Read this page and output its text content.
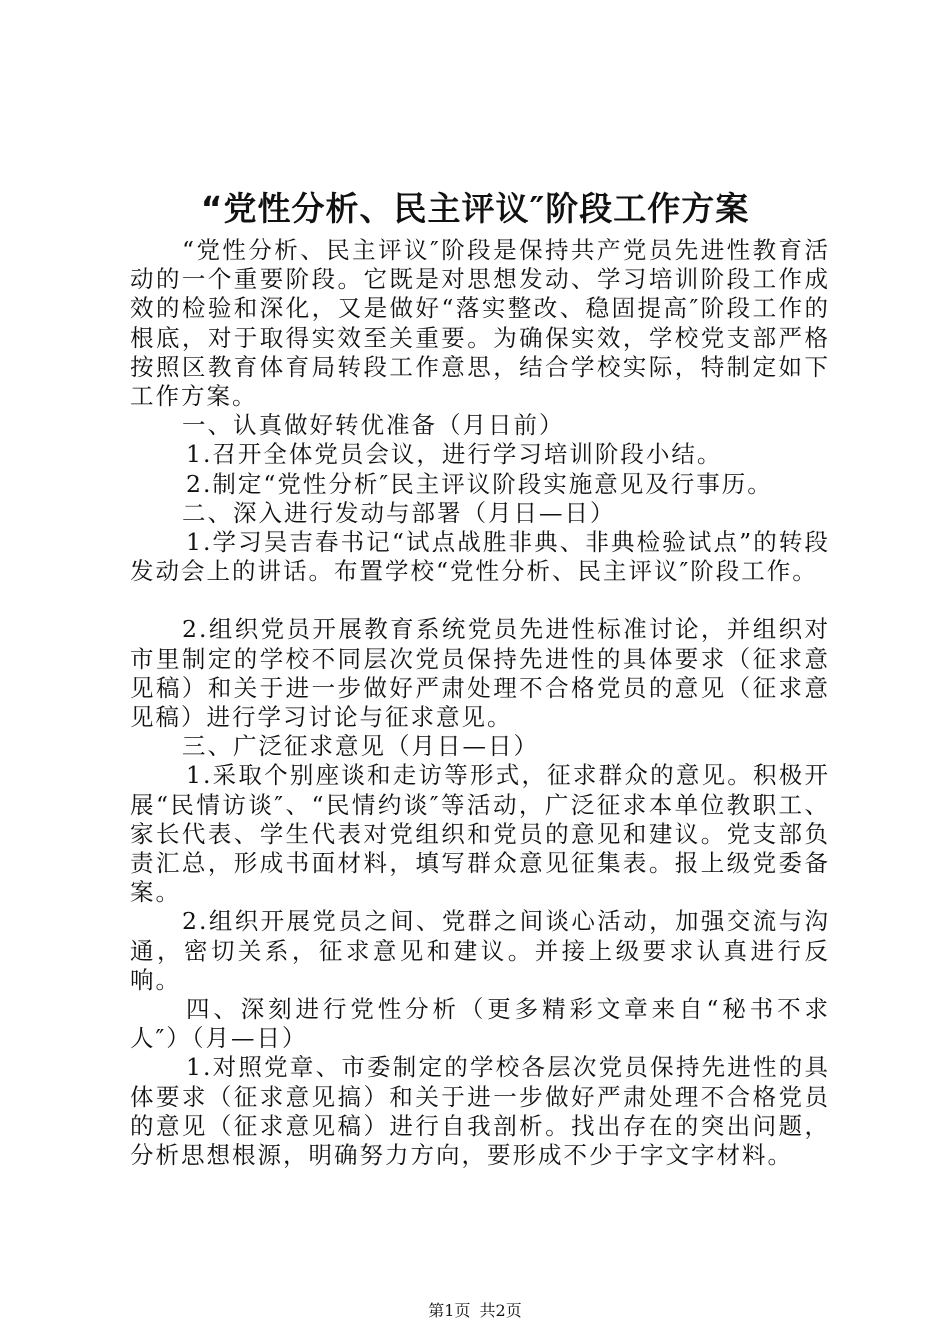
“党性分析、民主评议″阶段工作方案

“党性分析、民主评议″阶段是保持共产党员先进性教育活动的一个重要阶段。它既是对思想发动、学习培训阶段工作成效的检验和深化，又是做好“落实整改、稳固提高″阶段工作的根底，对于取得实效至关重要。为确保实效，学校党支部严格按照区教育体育局转段工作意思，结合学校实际，特制定如下工作方案。

一、认真做好转优准备（月日前）

1.召开全体党员会议，进行学习培训阶段小结。

2.制定“党性分析″民主评议阶段实施意见及行事历。

二、深入进行发动与部署（月日—日）

1.学习吴吉春书记“试点战胜非典、非典检验试点”的转段发动会上的讲话。布置学校“党性分析、民主评议″阶段工作。

2.组织党员开展教育系统党员先进性标准讨论，并组织对市里制定的学校不同层次党员保持先进性的具体要求（征求意见稿）和关于进一步做好严肃处理不合格党员的意见（征求意见稿）进行学习讨论与征求意见。

三、广泛征求意见（月日—日）

1.采取个别座谈和走访等形式，征求群众的意见。积极开展“民情访谈″、“民情约谈″等活动，广泛征求本单位教职工、家长代表、学生代表对党组织和党员的意见和建议。党支部负责汇总，形成书面材料，填写群众意见征集表。报上级党委备案。

2.组织开展党员之间、党群之间谈心活动，加强交流与沟通，密切关系，征求意见和建议。并接上级要求认真进行反响。

四、深刻进行党性分析（更多精彩文章来自“秘书不求人″）（月—日）

1.对照党章、市委制定的学校各层次党员保持先进性的具体要求（征求意见搞）和关于进一步做好严肃处理不合格党员的意见（征求意见稿）进行自我剖析。找出存在的突出问题，分析思想根源，明确努力方向，要形成不少于字文字材料。

第1页 共2页
